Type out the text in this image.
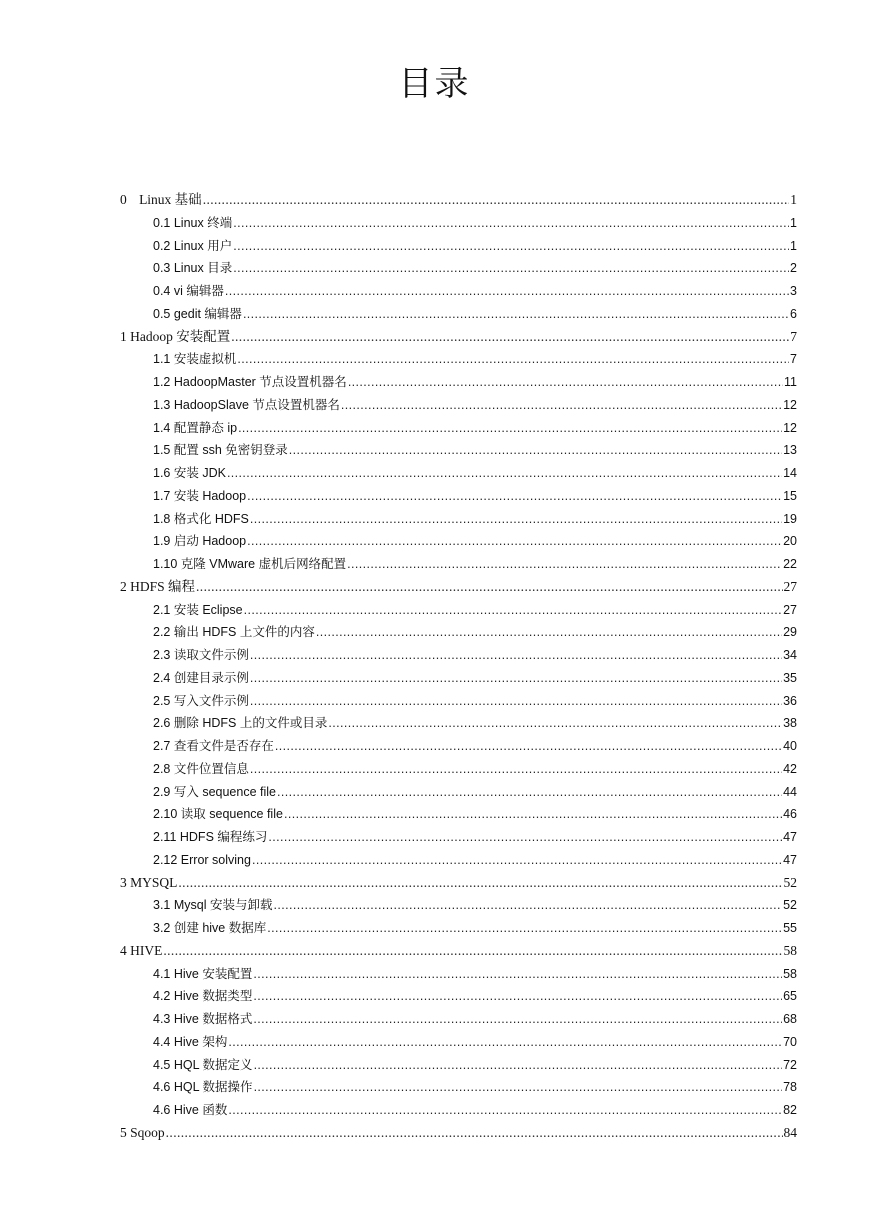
目录
0 Linux 基础 .....	1
0.1 Linux 终端 .....	1
0.2 Linux 用户 .....	1
0.3 Linux 目录 .....	2
0.4 vi 编辑器 .....	3
0.5 gedit 编辑器 .....	6
1 Hadoop 安装配置 .....	7
1.1 安装虚拟机 .....	7
1.2 HadoopMaster 节点设置机器名 .....	11
1.3 HadoopSlave 节点设置机器名 .....	12
1.4 配置静态 ip .....	12
1.5 配置 ssh 免密钥登录 .....	13
1.6 安装 JDK .....	14
1.7 安装 Hadoop .....	15
1.8 格式化 HDFS .....	19
1.9 启动 Hadoop .....	20
1.10 克隆 VMware 虚机后网络配置 .....	22
2 HDFS 编程 .....	27
2.1 安装 Eclipse .....	27
2.2 输出 HDFS 上文件的内容 .....	29
2.3 读取文件示例 .....	34
2.4 创建目录示例 .....	35
2.5 写入文件示例 .....	36
2.6 删除 HDFS 上的文件或目录 .....	38
2.7 查看文件是否存在 .....	40
2.8 文件位置信息 .....	42
2.9 写入 sequence file .....	44
2.10 读取 sequence file .....	46
2.11 HDFS 编程练习 .....	47
2.12 Error solving .....	47
3 MYSQL .....	52
3.1 Mysql 安装与卸载 .....	52
3.2 创建 hive 数据库 .....	55
4 HIVE .....	58
4.1 Hive 安装配置 .....	58
4.2 Hive 数据类型 .....	65
4.3 Hive 数据格式 .....	68
4.4 Hive 架构 .....	70
4.5 HQL 数据定义 .....	72
4.6 HQL 数据操作 .....	78
4.6 Hive 函数 .....	82
5 Sqoop .....	84
